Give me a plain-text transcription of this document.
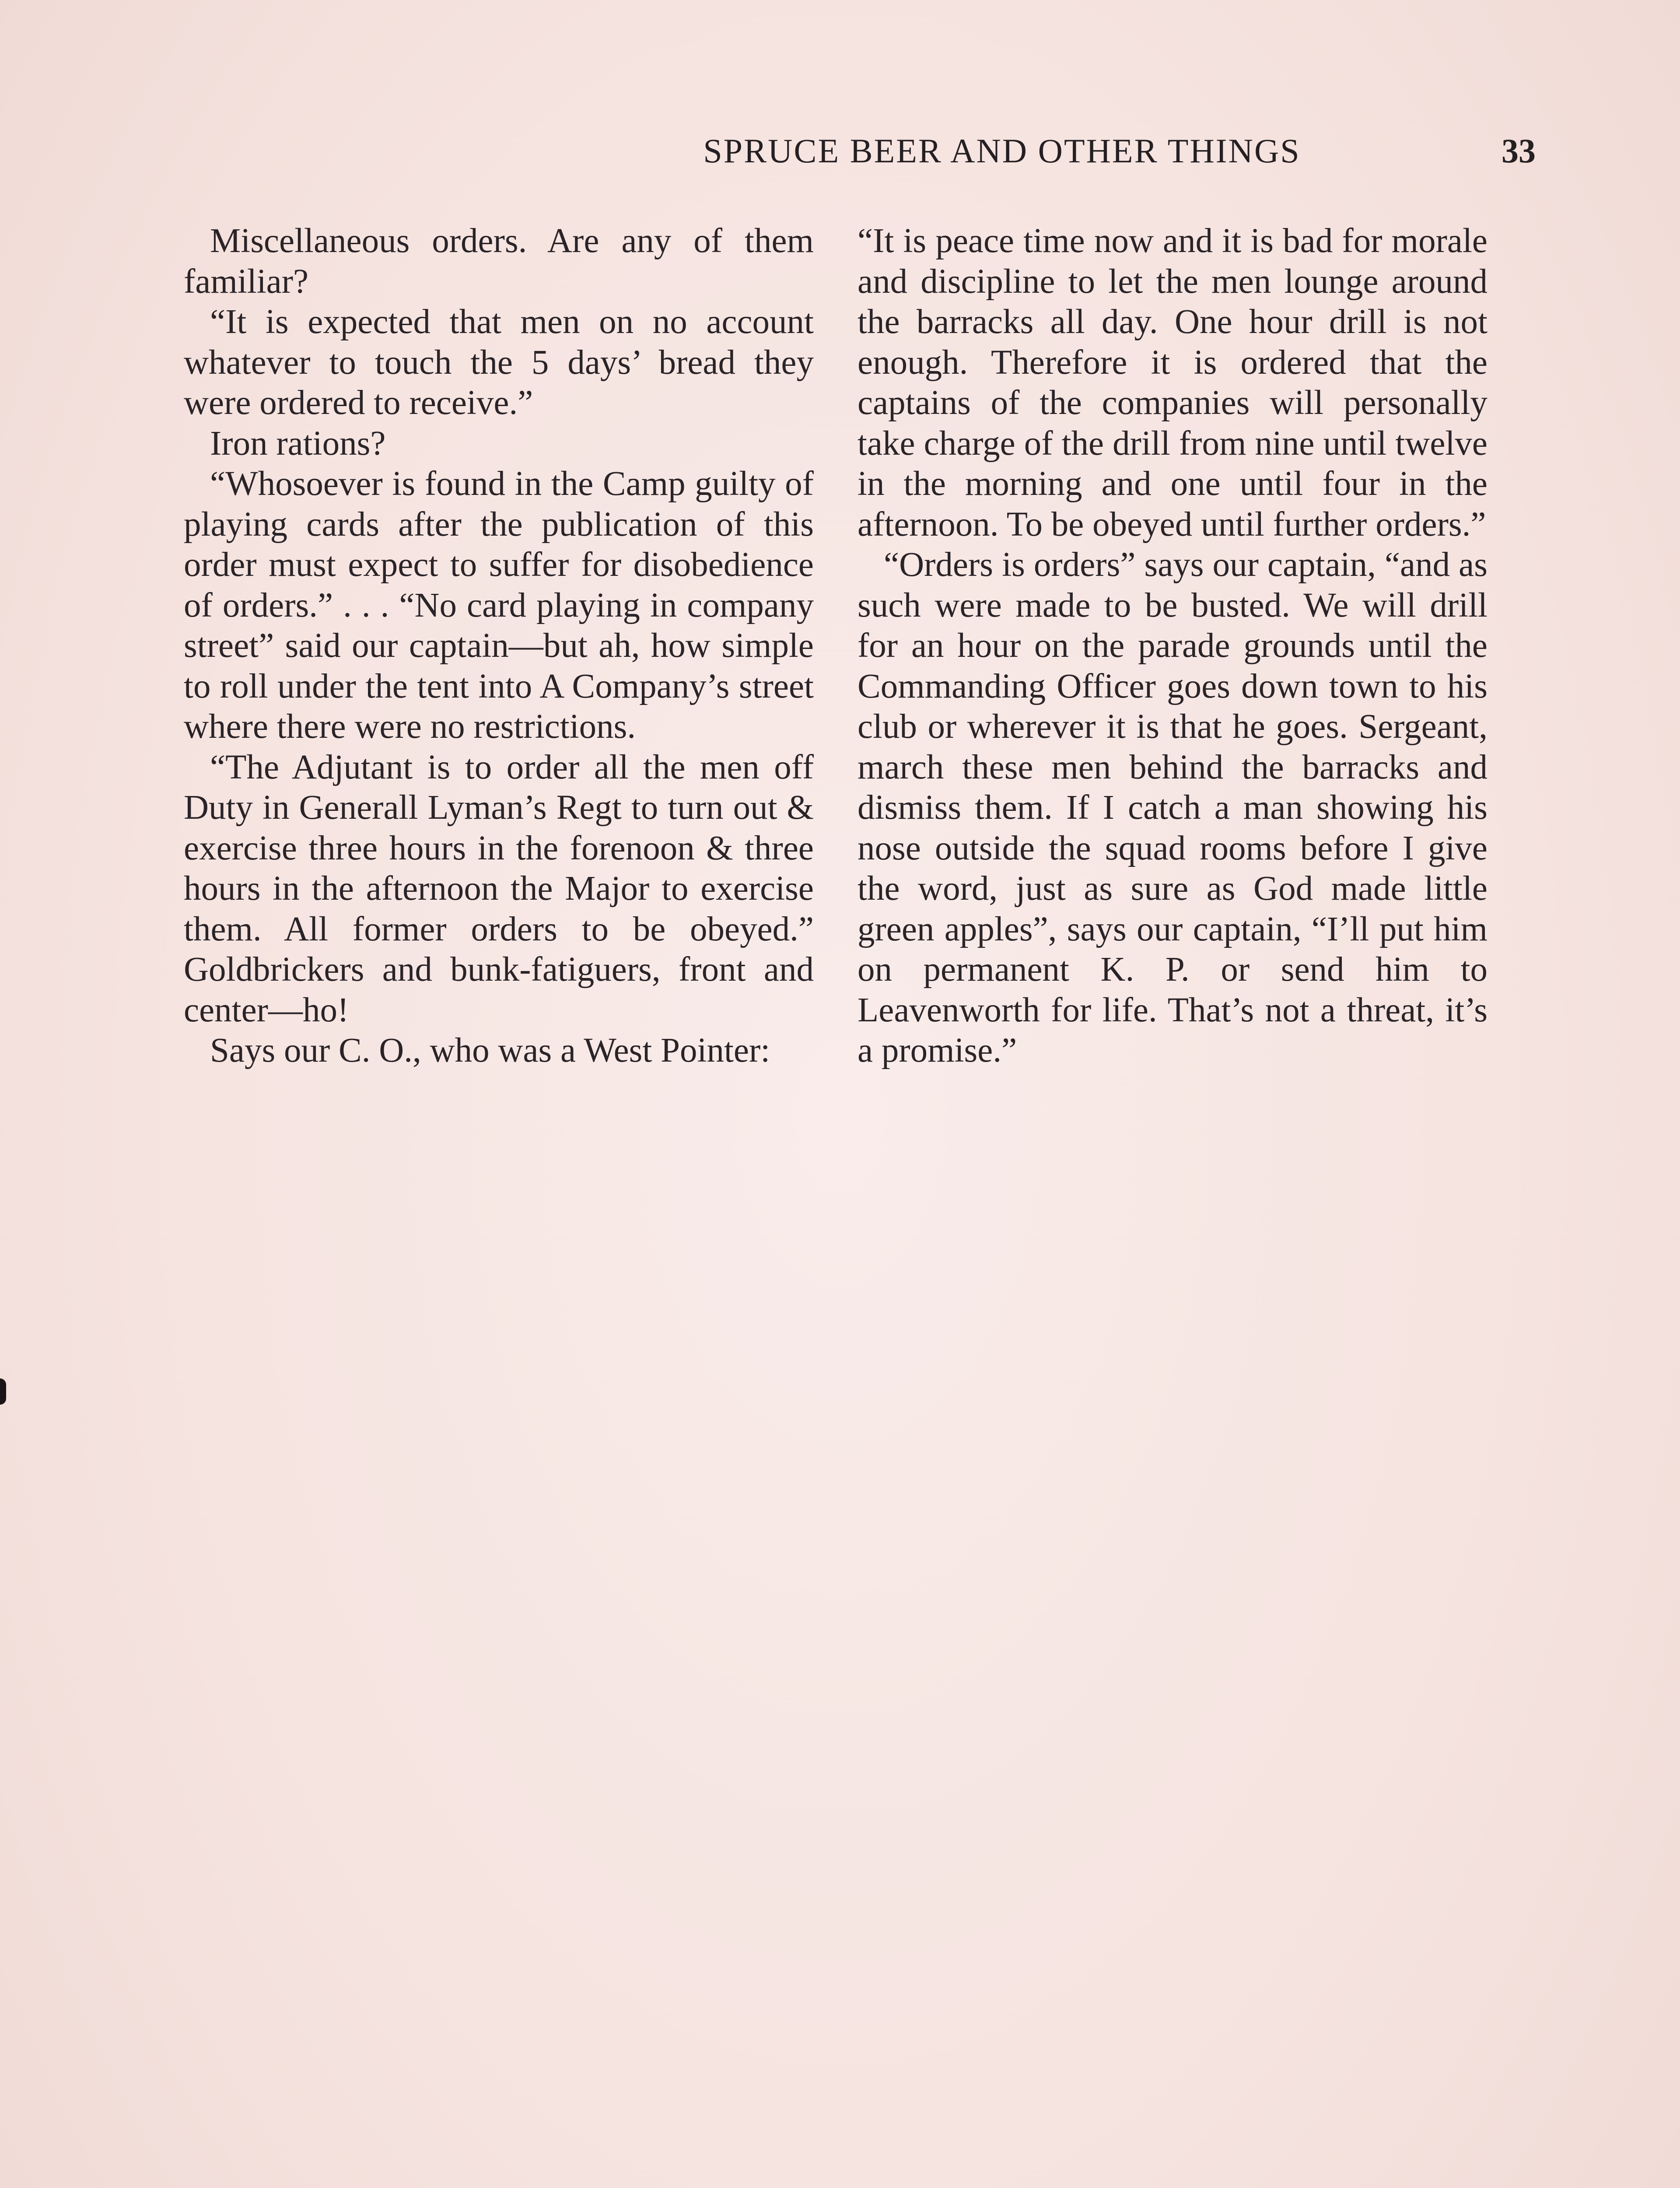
SPRUCE BEER AND OTHER THINGS	33

Miscellaneous orders. Are any of them familiar?

“It is expected that men on no account whatever to touch the 5 days’ bread they were ordered to receive.”

Iron rations?

“Whosoever is found in the Camp guilty of playing cards after the publication of this order must expect to suffer for disobedience of orders.” . . . “No card playing in company street” said our captain—but ah, how simple to roll under the tent into A Company’s street where there were no restrictions.

“The Adjutant is to order all the men off Duty in Generall Lyman’s Regt to turn out & exercise three hours in the forenoon & three hours in the afternoon the Major to exercise them. All former orders to be obeyed.” Goldbrickers and bunk-fatiguers, front and center—ho!

Says our C. O., who was a West Pointer:

“It is peace time now and it is bad for morale and discipline to let the men lounge around the barracks all day. One hour drill is not enough. Therefore it is ordered that the captains of the companies will personally take charge of the drill from nine until twelve in the morning and one until four in the afternoon. To be obeyed until further orders.”

“Orders is orders” says our captain, “and as such were made to be busted. We will drill for an hour on the parade grounds until the Commanding Officer goes down town to his club or wherever it is that he goes. Sergeant, march these men behind the barracks and dismiss them. If I catch a man showing his nose outside the squad rooms before I give the word, just as sure as God made little green apples”, says our captain, “I’ll put him on permanent K. P. or send him to Leavenworth for life. That’s not a threat, it’s a promise.”
